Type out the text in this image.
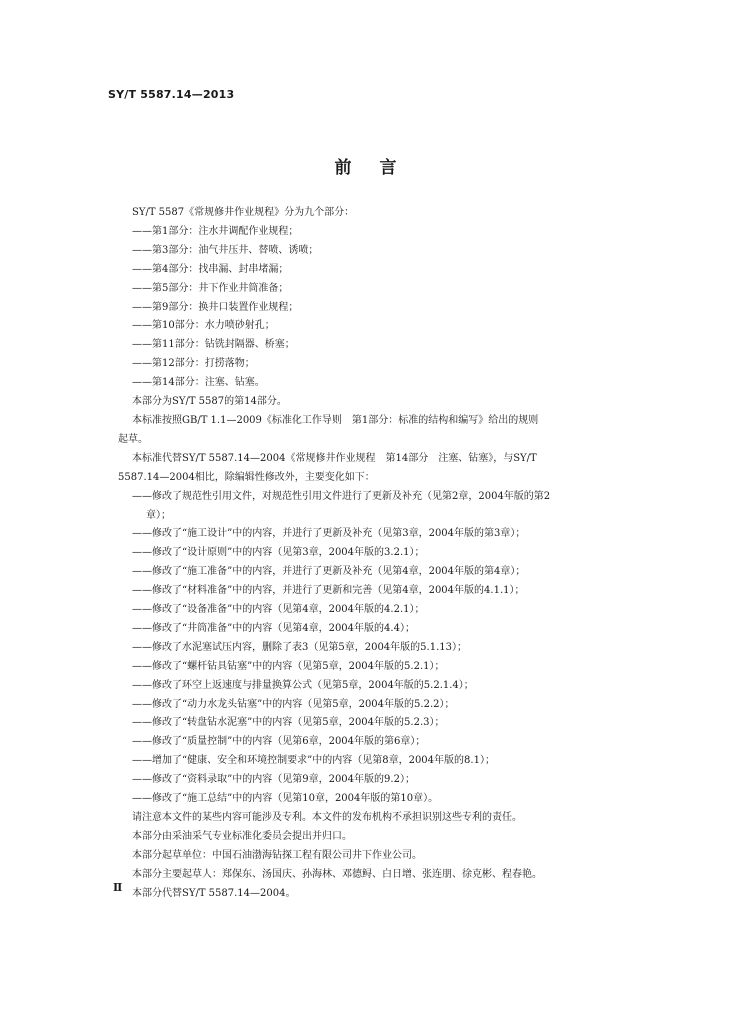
SY/T 5587.14—2013
前 言

SY/T 5587《常规修井作业规程》分为九个部分：

——第1部分：注水井调配作业规程；

——第3部分：油气井压井、替喷、诱喷；

——第4部分：找串漏、封串堵漏；

——第5部分：井下作业井筒准备；

——第9部分：换井口装置作业规程；

——第10部分：水力喷砂射孔；

——第11部分：钻铣封隔器、桥塞；

——第12部分：打捞落物；

——第14部分：注塞、钻塞。

本部分为SY/T 5587的第14部分。

本标准按照GB/T 1.1—2009《标准化工作导则　第1部分：标准的结构和编写》给出的规则

起草。

本标准代替SY/T 5587.14—2004《常规修井作业规程　第14部分　注塞、钻塞》，与SY/T

5587.14—2004相比，除编辑性修改外，主要变化如下：

——修改了规范性引用文件，对规范性引用文件进行了更新及补充（见第2章，2004年版的第2

章）；

——修改了“施工设计”中的内容，并进行了更新及补充（见第3章，2004年版的第3章）；

——修改了“设计原则”中的内容（见第3章，2004年版的3.2.1）；

——修改了“施工准备”中的内容，并进行了更新及补充（见第4章，2004年版的第4章）；

——修改了“材料准备”中的内容，并进行了更新和完善（见第4章，2004年版的4.1.1）；

——修改了“设备准备”中的内容（见第4章，2004年版的4.2.1）；

——修改了“井筒准备”中的内容（见第4章，2004年版的4.4）；

——修改了水泥塞试压内容，删除了表3（见第5章，2004年版的5.1.13）；

——修改了“螺杆钻具钻塞”中的内容（见第5章，2004年版的5.2.1）；

——修改了环空上返速度与排量换算公式（见第5章，2004年版的5.2.1.4）；

——修改了“动力水龙头钻塞”中的内容（见第5章，2004年版的5.2.2）；

——修改了“转盘钻水泥塞”中的内容（见第5章，2004年版的5.2.3）；

——修改了“质量控制”中的内容（见第6章，2004年版的第6章）；

——增加了“健康、安全和环境控制要求”中的内容（见第8章，2004年版的8.1）；

——修改了“资料录取”中的内容（见第9章，2004年版的9.2）；

——修改了“施工总结”中的内容（见第10章，2004年版的第10章）。

请注意本文件的某些内容可能涉及专利。本文件的发布机构不承担识别这些专利的责任。

本部分由采油采气专业标准化委员会提出并归口。

本部分起草单位：中国石油渤海钻探工程有限公司井下作业公司。

本部分主要起草人：郑保东、汤国庆、孙海林、邓德鲟、白日增、张连朋、徐克彬、程春艳。

本部分代替SY/T 5587.14—2004。

Ⅱ
